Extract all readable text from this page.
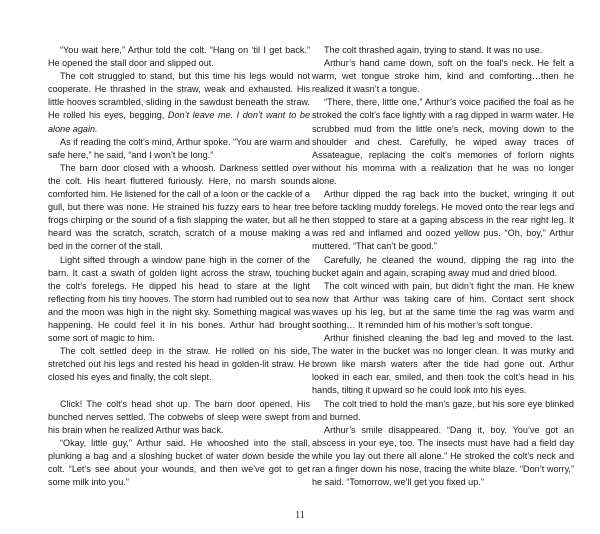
“You wait here,” Arthur told the colt. “Hang on ‘til I get back.” He opened the stall door and slipped out.

The colt struggled to stand, but this time his legs would not cooperate. He thrashed in the straw, weak and exhausted. His little hooves scrambled, sliding in the sawdust beneath the straw. He rolled his eyes, begging, Don’t leave me. I don’t want to be alone again.

As if reading the colt’s mind, Arthur spoke. “You are warm and safe here,” he said, “and I won’t be long.”

The barn door closed with a whoosh. Darkness settled over the colt. His heart fluttered furiously. Here, no marsh sounds comforted him. He listened for the call of a loon or the cackle of a gull, but there was none. He strained his fuzzy ears to hear tree frogs chirping or the sound of a fish slapping the water, but all he heard was the scratch, scratch, scratch of a mouse making a bed in the corner of the stall.

Light sifted through a window pane high in the corner of the barn. It cast a swath of golden light across the straw, touching the colt’s forelegs. He dipped his head to stare at the light reflecting from his tiny hooves. The storm had rumbled out to sea and the moon was high in the night sky. Something magical was happening. He could feel it in his bones. Arthur had brought some sort of magic to him.

The colt settled deep in the straw. He rolled on his side, stretched out his legs and rested his head in golden-lit straw. He closed his eyes and finally, the colt slept.

Click! The colt’s head shot up. The barn door opened. His bunched nerves settled. The cobwebs of sleep were swept from his brain when he realized Arthur was back.

“Okay, little guy,” Arthur said. He whooshed into the stall, plunking a bag and a sloshing bucket of water down beside the colt. “Let’s see about your wounds, and then we’ve got to get some milk into you.”

The colt thrashed again, trying to stand. It was no use.

Arthur’s hand came down, soft on the foal’s neck. He felt a warm, wet tongue stroke him, kind and comforting…then he realized it wasn’t a tongue.

“There, there, little one,” Arthur’s voice pacified the foal as he stroked the colt’s face lightly with a rag dipped in warm water. He scrubbed mud from the little one’s neck, moving down to the shoulder and chest. Carefully, he wiped away traces of Assateague, replacing the colt’s memories of forlorn nights without his momma with a realization that he was no longer alone.

Arthur dipped the rag back into the bucket, wringing it out before tackling muddy forelegs. He moved onto the rear legs and then stopped to stare at a gaping abscess in the rear right leg. It was red and inflamed and oozed yellow pus. “Oh, boy,” Arthur muttered. “That can’t be good.”

Carefully, he cleaned the wound, dipping the rag into the bucket again and again, scraping away mud and dried blood.

The colt winced with pain, but didn’t fight the man. He knew now that Arthur was taking care of him. Contact sent shock waves up his leg, but at the same time the rag was warm and soothing… It reminded him of his mother’s soft tongue.

Arthur finished cleaning the bad leg and moved to the last. The water in the bucket was no longer clean. It was murky and brown like marsh waters after the tide had gone out. Arthur looked in each ear, smiled, and then took the colt’s head in his hands, tilting it upward so he could look into his eyes.

The colt tried to hold the man’s gaze, but his sore eye blinked and burned.

Arthur’s smile disappeared. “Dang it, boy. You’ve got an abscess in your eye, too. The insects must have had a field day while you lay out there all alone.” He stroked the colt’s neck and ran a finger down his nose, tracing the white blaze. “Don’t worry,” he said. “Tomorrow, we’ll get you fixed up.”

11
